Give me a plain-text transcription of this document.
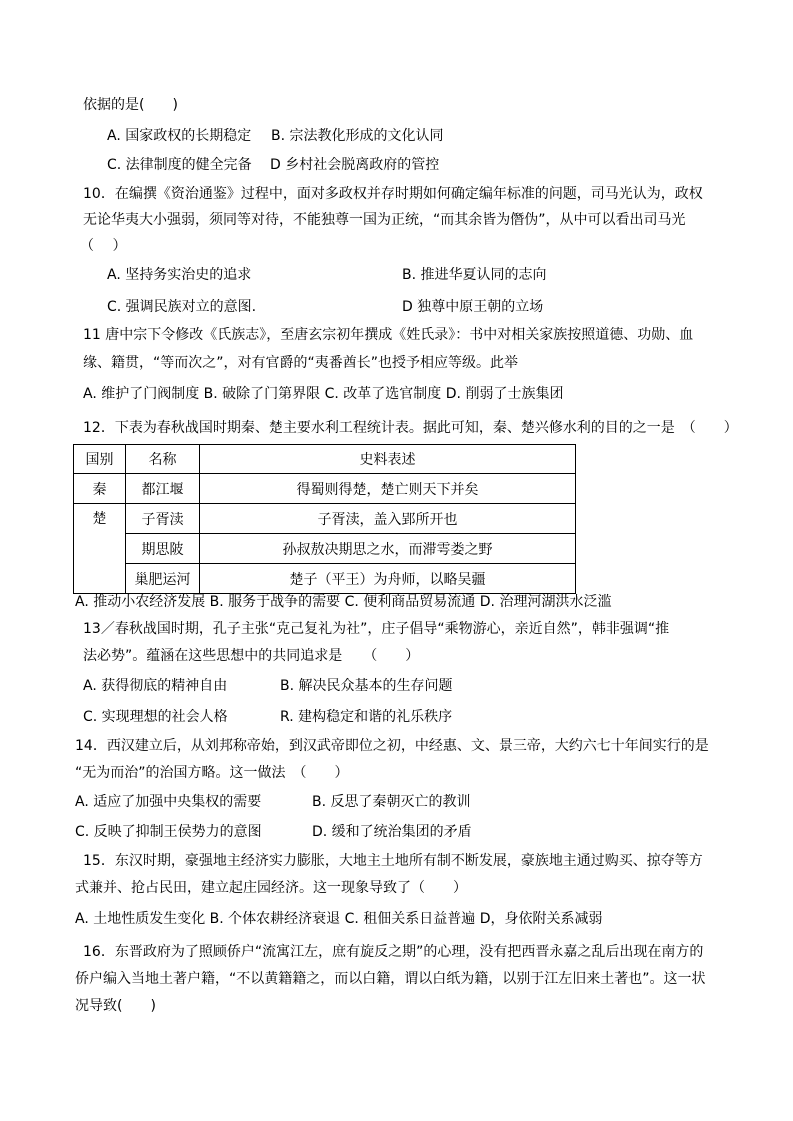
依据的是(　　)
A. 国家政权的长期稳定 B. 宗法教化形成的文化认同
C. 法律制度的健全完备 D 乡村社会脱离政府的管控
10．在编撰《资治通鉴》过程中，面对多政权并存时期如何确定编年标准的问题，司马光认为，政权
无论华夷大小强弱，须同等对待，不能独尊一国为正统，“而其余皆为僭伪”，从中可以看出司马光
（　 ）
A. 坚持务实治史的追求	B. 推进华夏认同的志向
C. 强调民族对立的意图.	D 独尊中原王朝的立场
11 唐中宗下令修改《氏族志》，至唐玄宗初年撰成《姓氏录》：书中对相关家族按照道德、功勋、血
缘、籍贯，“等而次之”，对有官爵的“夷番酋长”也授予相应等级。此举
A. 维护了门阀制度 B. 破除了门第界限 C. 改革了选官制度 D. 削弱了士族集团
12．下表为春秋战国时期秦、楚主要水利工程统计表。据此可知，秦、楚兴修水利的目的之一是　（　　）
国别	名称	史料表述
秦	都江堰	得蜀则得楚，楚亡则天下并矣
楚	子胥渎	子胥渎，盖入郢所开也
	期思陂	孙叔敖决期思之水，而滞雩娄之野
	巢肥运河	楚子（平王）为舟师，以略吴疆
A. 推动小农经济发展 B. 服务于战争的需要 C. 便利商品贸易流通 D. 治理河湖洪水泛滥
13／春秋战国时期，孔子主张“克己复礼为社”，庄子倡导“乘物游心，亲近自然”，韩非强调“推
法必势”。蕴涵在这些思想中的共同追求是　　（　　）
A. 获得彻底的精神自由	B. 解决民众基本的生存问题
C. 实现理想的社会人格	R. 建构稳定和谐的礼乐秩序
14．西汉建立后，从刘邦称帝始，到汉武帝即位之初，中经惠、文、景三帝，大约六七十年间实行的是
“无为而治”的治国方略。这一做法　（　　）
A. 适应了加强中央集权的需要	B. 反思了秦朝灭亡的教训
C. 反映了抑制王侯势力的意图	D. 缓和了统治集团的矛盾
15．东汉时期，豪强地主经济实力膨胀，大地主土地所有制不断发展，豪族地主通过购买、掠夺等方
式兼并、抢占民田，建立起庄园经济。这一现象导致了（　　）
A. 土地性质发生变化 B. 个体农耕经济衰退 C. 租佃关系日益普遍 D，身依附关系减弱
16．东晋政府为了照顾侨户“流寓江左，庶有旋反之期”的心理，没有把西晋永嘉之乱后出现在南方的
侨户编入当地土著户籍，“不以黄籍籍之，而以白籍，谓以白纸为籍，以别于江左旧来土著也”。这一状
况导致(　　)
